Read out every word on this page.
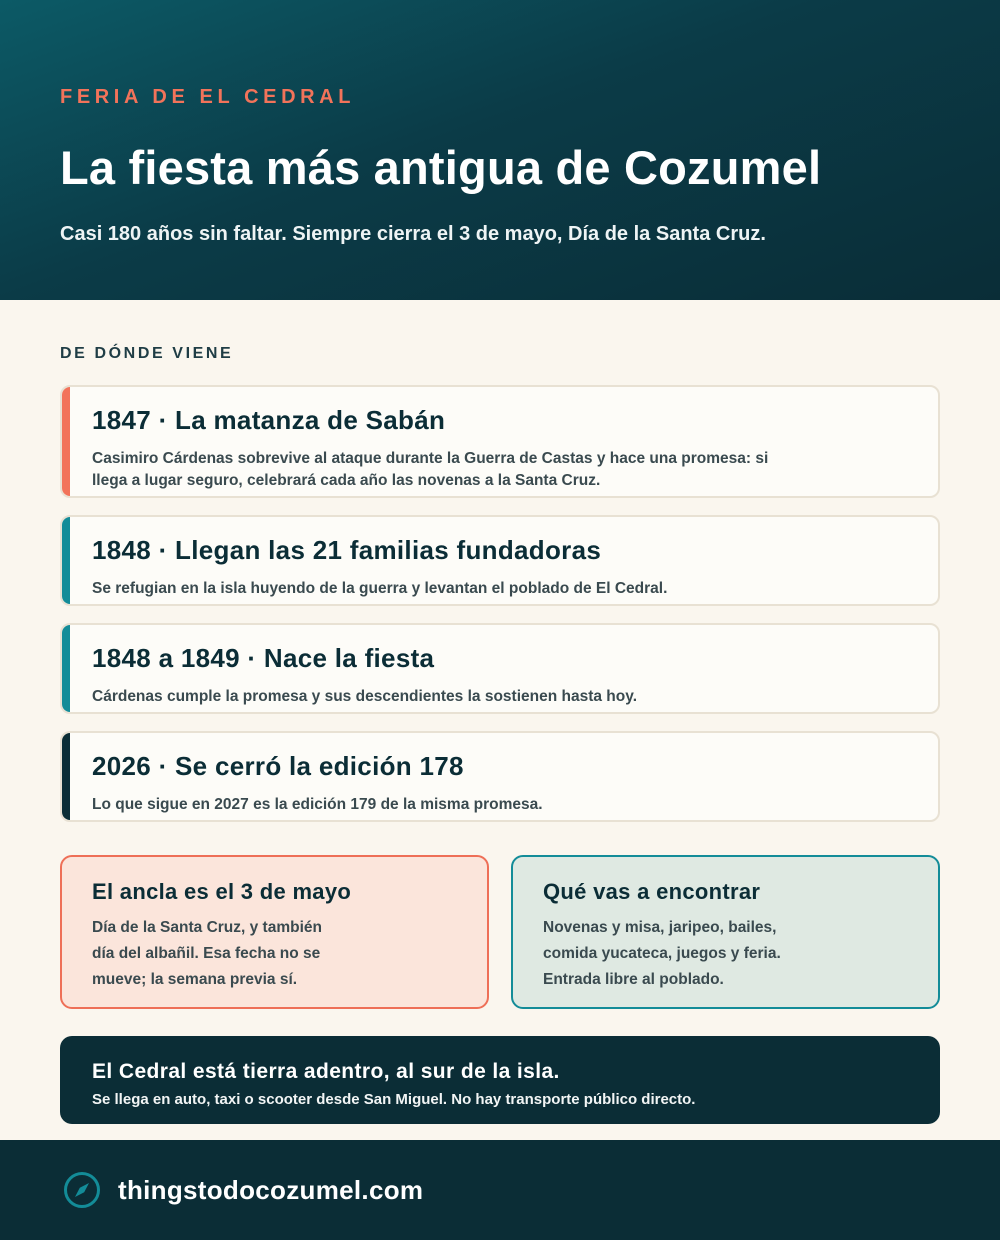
FERIA DE EL CEDRAL
La fiesta más antigua de Cozumel

Casi 180 años sin faltar. Siempre cierra el 3 de mayo, Día de la Santa Cruz.

DE DÓNDE VIENE
1847 · La matanza de Sabán

Casimiro Cárdenas sobrevive al ataque durante la Guerra de Castas y hace una promesa: si llega a lugar seguro, celebrará cada año las novenas a la Santa Cruz.

1848 · Llegan las 21 familias fundadoras

Se refugian en la isla huyendo de la guerra y levantan el poblado de El Cedral.

1848 a 1849 · Nace la fiesta

Cárdenas cumple la promesa y sus descendientes la sostienen hasta hoy.

2026 · Se cerró la edición 178

Lo que sigue en 2027 es la edición 179 de la misma promesa.

El ancla es el 3 de mayo

Día de la Santa Cruz, y también día del albañil. Esa fecha no se mueve; la semana previa sí.

Qué vas a encontrar

Novenas y misa, jaripeo, bailes, comida yucateca, juegos y feria. Entrada libre al poblado.

El Cedral está tierra adentro, al sur de la isla.
Se llega en auto, taxi o scooter desde San Miguel. No hay transporte público directo.
thingstodocozumel.com
